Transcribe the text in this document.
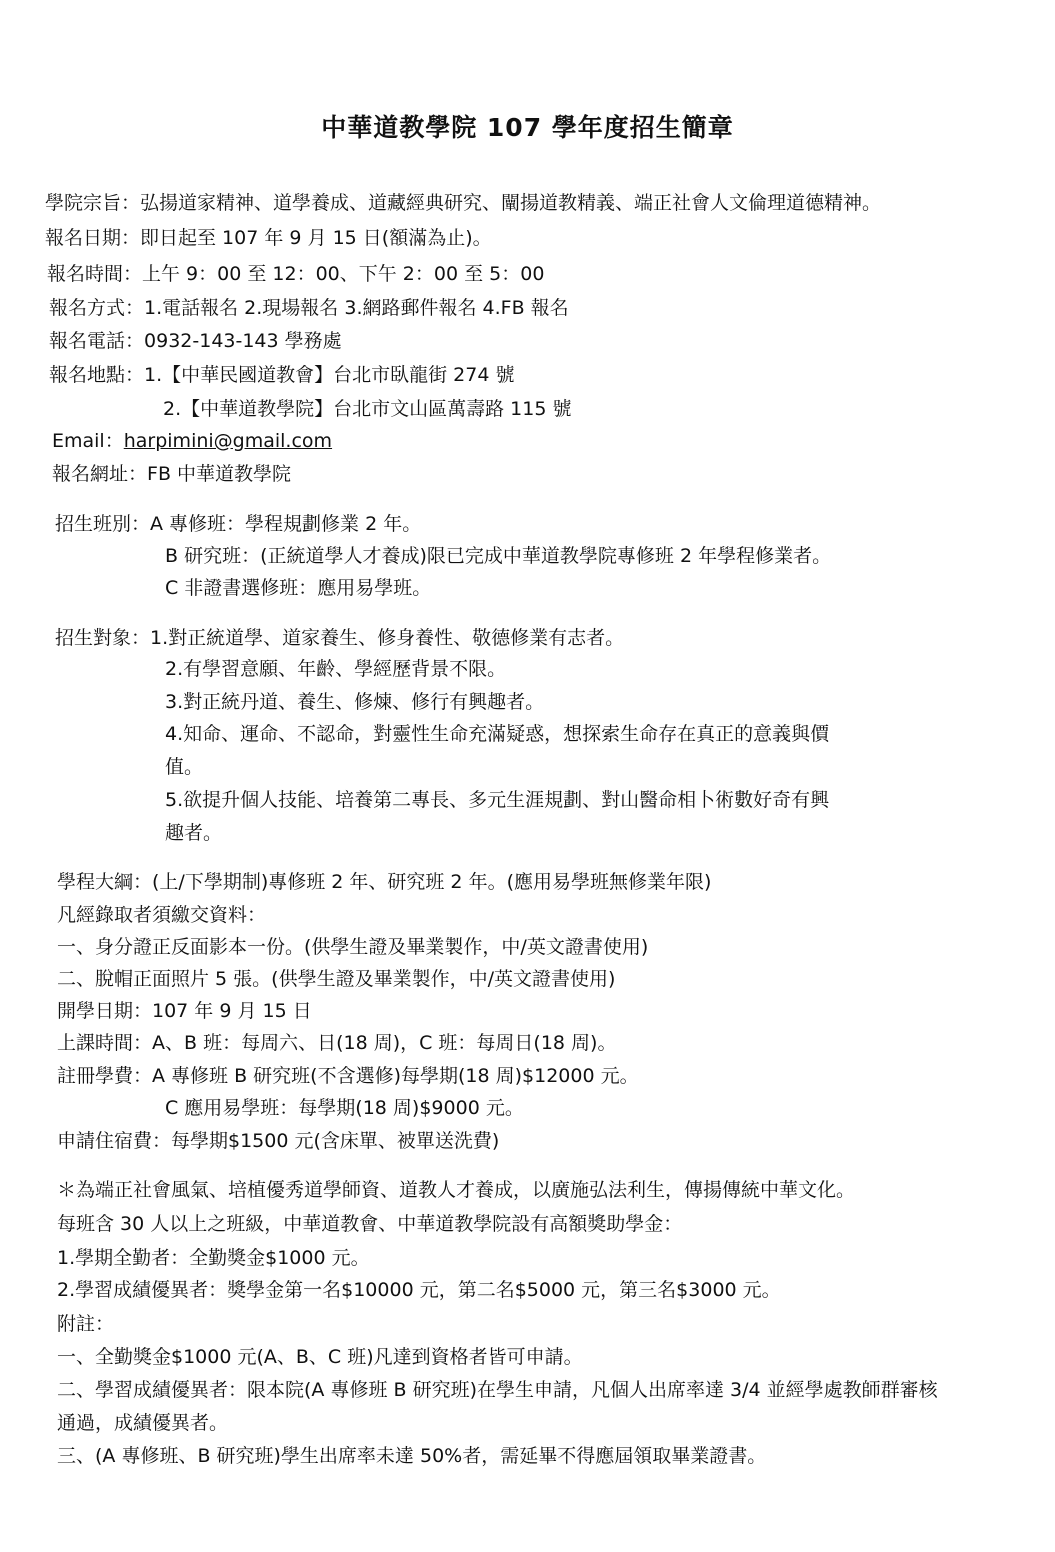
中華道教學院 107 學年度招生簡章
學院宗旨：弘揚道家精神、道學養成、道藏經典研究、闡揚道教精義、端正社會人文倫理道德精神。
報名日期：即日起至 107 年 9 月 15 日(額滿為止)。
報名時間：上午 9：00 至 12：00、下午 2：00 至 5：00
報名方式：1.電話報名 2.現場報名 3.網路郵件報名 4.FB 報名
報名電話：0932-143-143 學務處
報名地點：1.【中華民國道教會】台北市臥龍街 274 號
2.【中華道教學院】台北市文山區萬壽路 115 號
Email：harpimini@gmail.com
報名網址：FB 中華道教學院
招生班別：A 專修班：學程規劃修業 2 年。
B 研究班：(正統道學人才養成)限已完成中華道教學院專修班 2 年學程修業者。
C 非證書選修班：應用易學班。
招生對象：1.對正統道學、道家養生、修身養性、敬德修業有志者。
2.有學習意願、年齡、學經歷背景不限。
3.對正統丹道、養生、修煉、修行有興趣者。
4.知命、運命、不認命，對靈性生命充滿疑惑，想探索生命存在真正的意義與價
值。
5.欲提升個人技能、培養第二專長、多元生涯規劃、對山醫命相卜術數好奇有興
趣者。
學程大綱：(上/下學期制)專修班 2 年、研究班 2 年。(應用易學班無修業年限)
凡經錄取者須繳交資料：
一、身分證正反面影本一份。(供學生證及畢業製作，中/英文證書使用)
二、脫帽正面照片 5 張。(供學生證及畢業製作，中/英文證書使用)
開學日期：107 年 9 月 15 日
上課時間：A、B 班：每周六、日(18 周)，C 班：每周日(18 周)。
註冊學費：A 專修班 B 研究班(不含選修)每學期(18 周)$12000 元。
C 應用易學班：每學期(18 周)$9000 元。
申請住宿費：每學期$1500 元(含床單、被單送洗費)
＊為端正社會風氣、培植優秀道學師資、道教人才養成，以廣施弘法利生，傳揚傳統中華文化。
每班含 30 人以上之班級，中華道教會、中華道教學院設有高額獎助學金：
1.學期全勤者：全勤獎金$1000 元。
2.學習成績優異者：獎學金第一名$10000 元，第二名$5000 元，第三名$3000 元。
附註：
一、全勤獎金$1000 元(A、B、C 班)凡達到資格者皆可申請。
二、學習成績優異者：限本院(A 專修班 B 研究班)在學生申請，凡個人出席率達 3/4 並經學處教師群審核
通過，成績優異者。
三、(A 專修班、B 研究班)學生出席率未達 50%者，需延畢不得應屆領取畢業證書。
